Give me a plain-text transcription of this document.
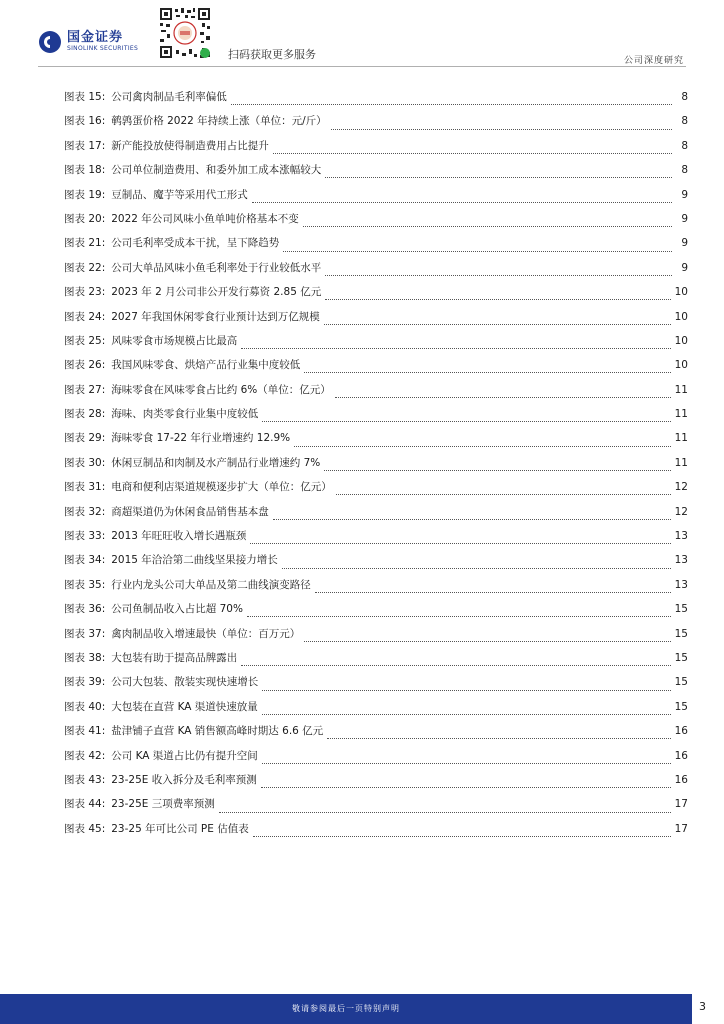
国金证券
SINOLINK SECURITIES	扫码获取更多服务	公司深度研究
图表 15: 公司禽肉制品毛利率偏低	8
图表 16: 鹌鹑蛋价格 2022 年持续上涨（单位：元/斤）	8
图表 17: 新产能投放使得制造费用占比提升	8
图表 18: 公司单位制造费用、和委外加工成本涨幅较大	8
图表 19: 豆制品、魔芋等采用代工形式	9
图表 20: 2022 年公司风味小鱼单吨价格基本不变	9
图表 21: 公司毛利率受成本干扰，呈下降趋势	9
图表 22: 公司大单品风味小鱼毛利率处于行业较低水平	9
图表 23: 2023 年 2 月公司非公开发行募资 2.85 亿元	10
图表 24: 2027 年我国休闲零食行业预计达到万亿规模	10
图表 25: 风味零食市场规模占比最高	10
图表 26: 我国风味零食、烘焙产品行业集中度较低	10
图表 27: 海味零食在风味零食占比约 6%（单位：亿元）	11
图表 28: 海味、肉类零食行业集中度较低	11
图表 29: 海味零食 17-22 年行业增速约 12.9%	11
图表 30: 休闲豆制品和肉制及水产制品行业增速约 7%	11
图表 31: 电商和便利店渠道规模逐步扩大（单位：亿元）	12
图表 32: 商超渠道仍为休闲食品销售基本盘	12
图表 33: 2013 年旺旺收入增长遇瓶颈	13
图表 34: 2015 年洽洽第二曲线坚果接力增长	13
图表 35: 行业内龙头公司大单品及第二曲线演变路径	13
图表 36: 公司鱼制品收入占比超 70%	15
图表 37: 禽肉制品收入增速最快（单位：百万元）	15
图表 38: 大包装有助于提高品牌露出	15
图表 39: 公司大包装、散装实现快速增长	15
图表 40: 大包装在直营 KA 渠道快速放量	15
图表 41: 盐津铺子直营 KA 销售额高峰时期达 6.6 亿元	16
图表 42: 公司 KA 渠道占比仍有提升空间	16
图表 43: 23-25E 收入拆分及毛利率预测	16
图表 44: 23-25E 三项费率预测	17
图表 45: 23-25 年可比公司 PE 估值表	17
敬请参阅最后一页特别声明	3
